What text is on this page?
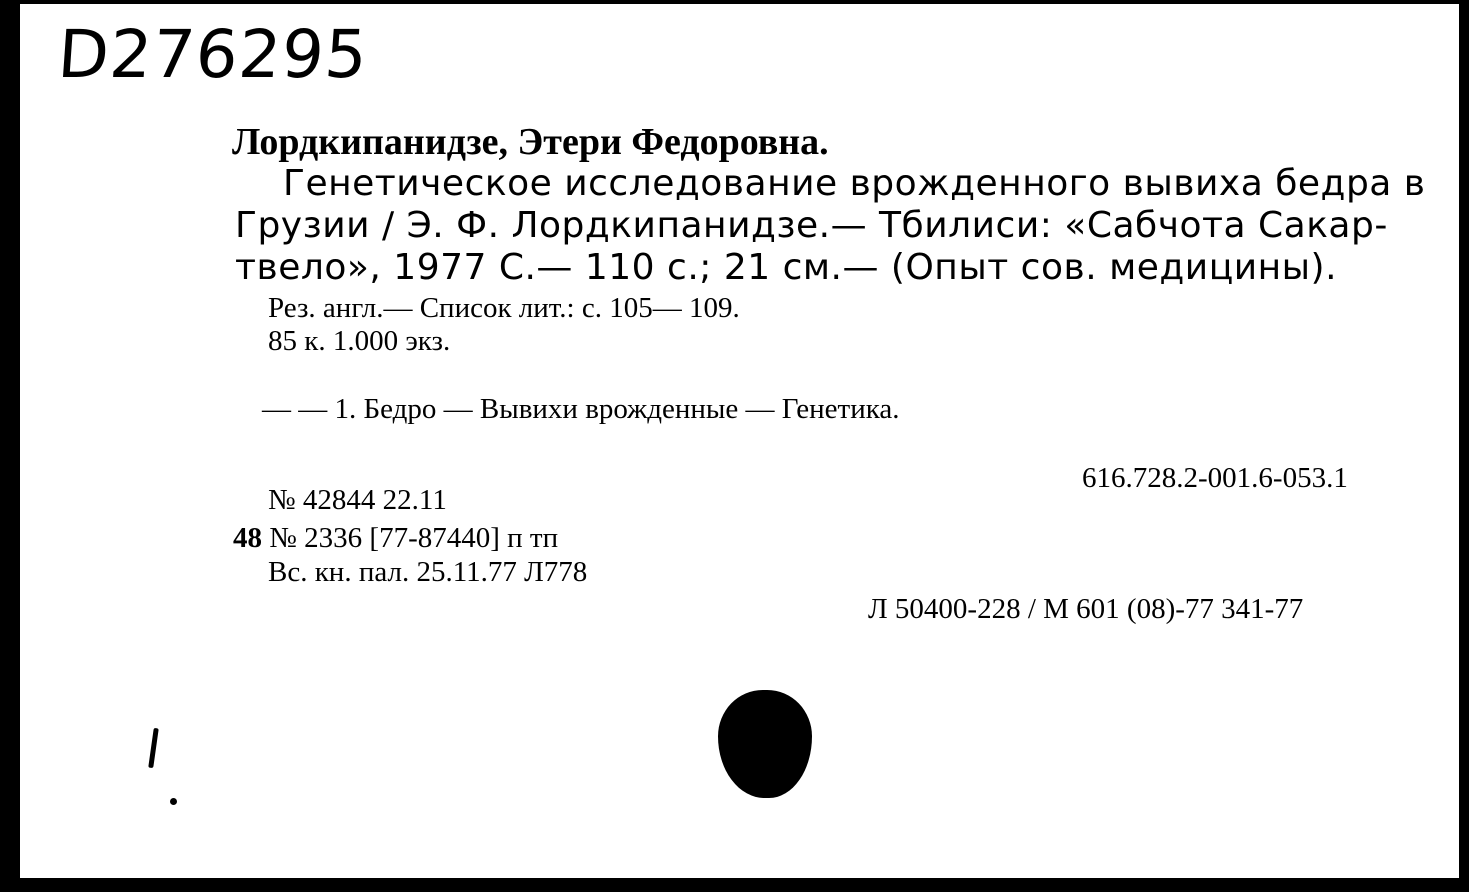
D276295
Лордкипанидзе, Этери Федоровна.
Генетическое исследование врожденного вывиха бедра в
Грузии / Э. Ф. Лордкипанидзе.— Тбилиси: «Сабчота Сакар-
твело», 1977 С.— 110 с.; 21 см.— (Опыт сов. медицины).
Рез. англ.— Список лит.: с. 105— 109.
85 к. 1.000 экз.
— — 1. Бедро — Вывихи врожденные — Генетика.
616.728.2-001.6-053.1
№ 42844 22.11
48 № 2336 [77-87440] п тп
Вс. кн. пал. 25.11.77 Л778
Л 50400-228 / М 601 (08)-77 341-77
